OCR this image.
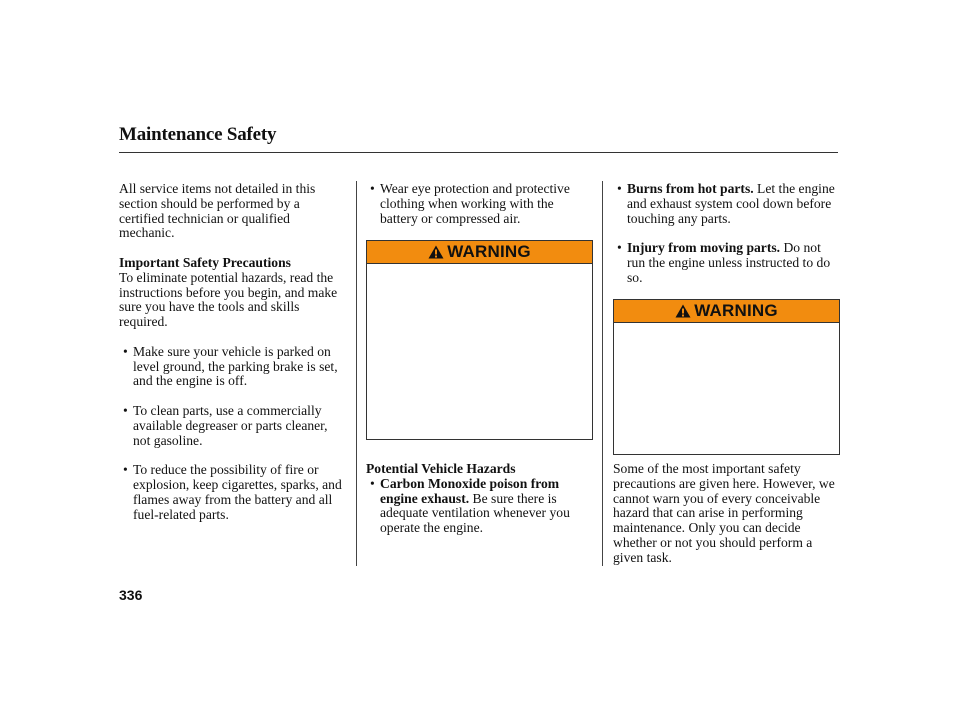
Maintenance Safety

All service items not detailed in this section should be performed by a certified technician or qualified mechanic.

Important Safety Precautions

To eliminate potential hazards, read the instructions before you begin, and make sure you have the tools and skills required.

• Make sure your vehicle is parked on level ground, the parking brake is set, and the engine is off.
• To clean parts, use a commercially available degreaser or parts cleaner, not gasoline.
• To reduce the possibility of fire or explosion, keep cigarettes, sparks, and flames away from the battery and all fuel-related parts.
• Wear eye protection and protective clothing when working with the battery or compressed air.
WARNING

Potential Vehicle Hazards

• Carbon Monoxide poison from engine exhaust. Be sure there is adequate ventilation whenever you operate the engine.
• Burns from hot parts. Let the engine and exhaust system cool down before touching any parts.
• Injury from moving parts. Do not run the engine unless instructed to do so.
WARNING

Some of the most important safety precautions are given here. However, we cannot warn you of every conceivable hazard that can arise in performing maintenance. Only you can decide whether or not you should perform a given task.

336
